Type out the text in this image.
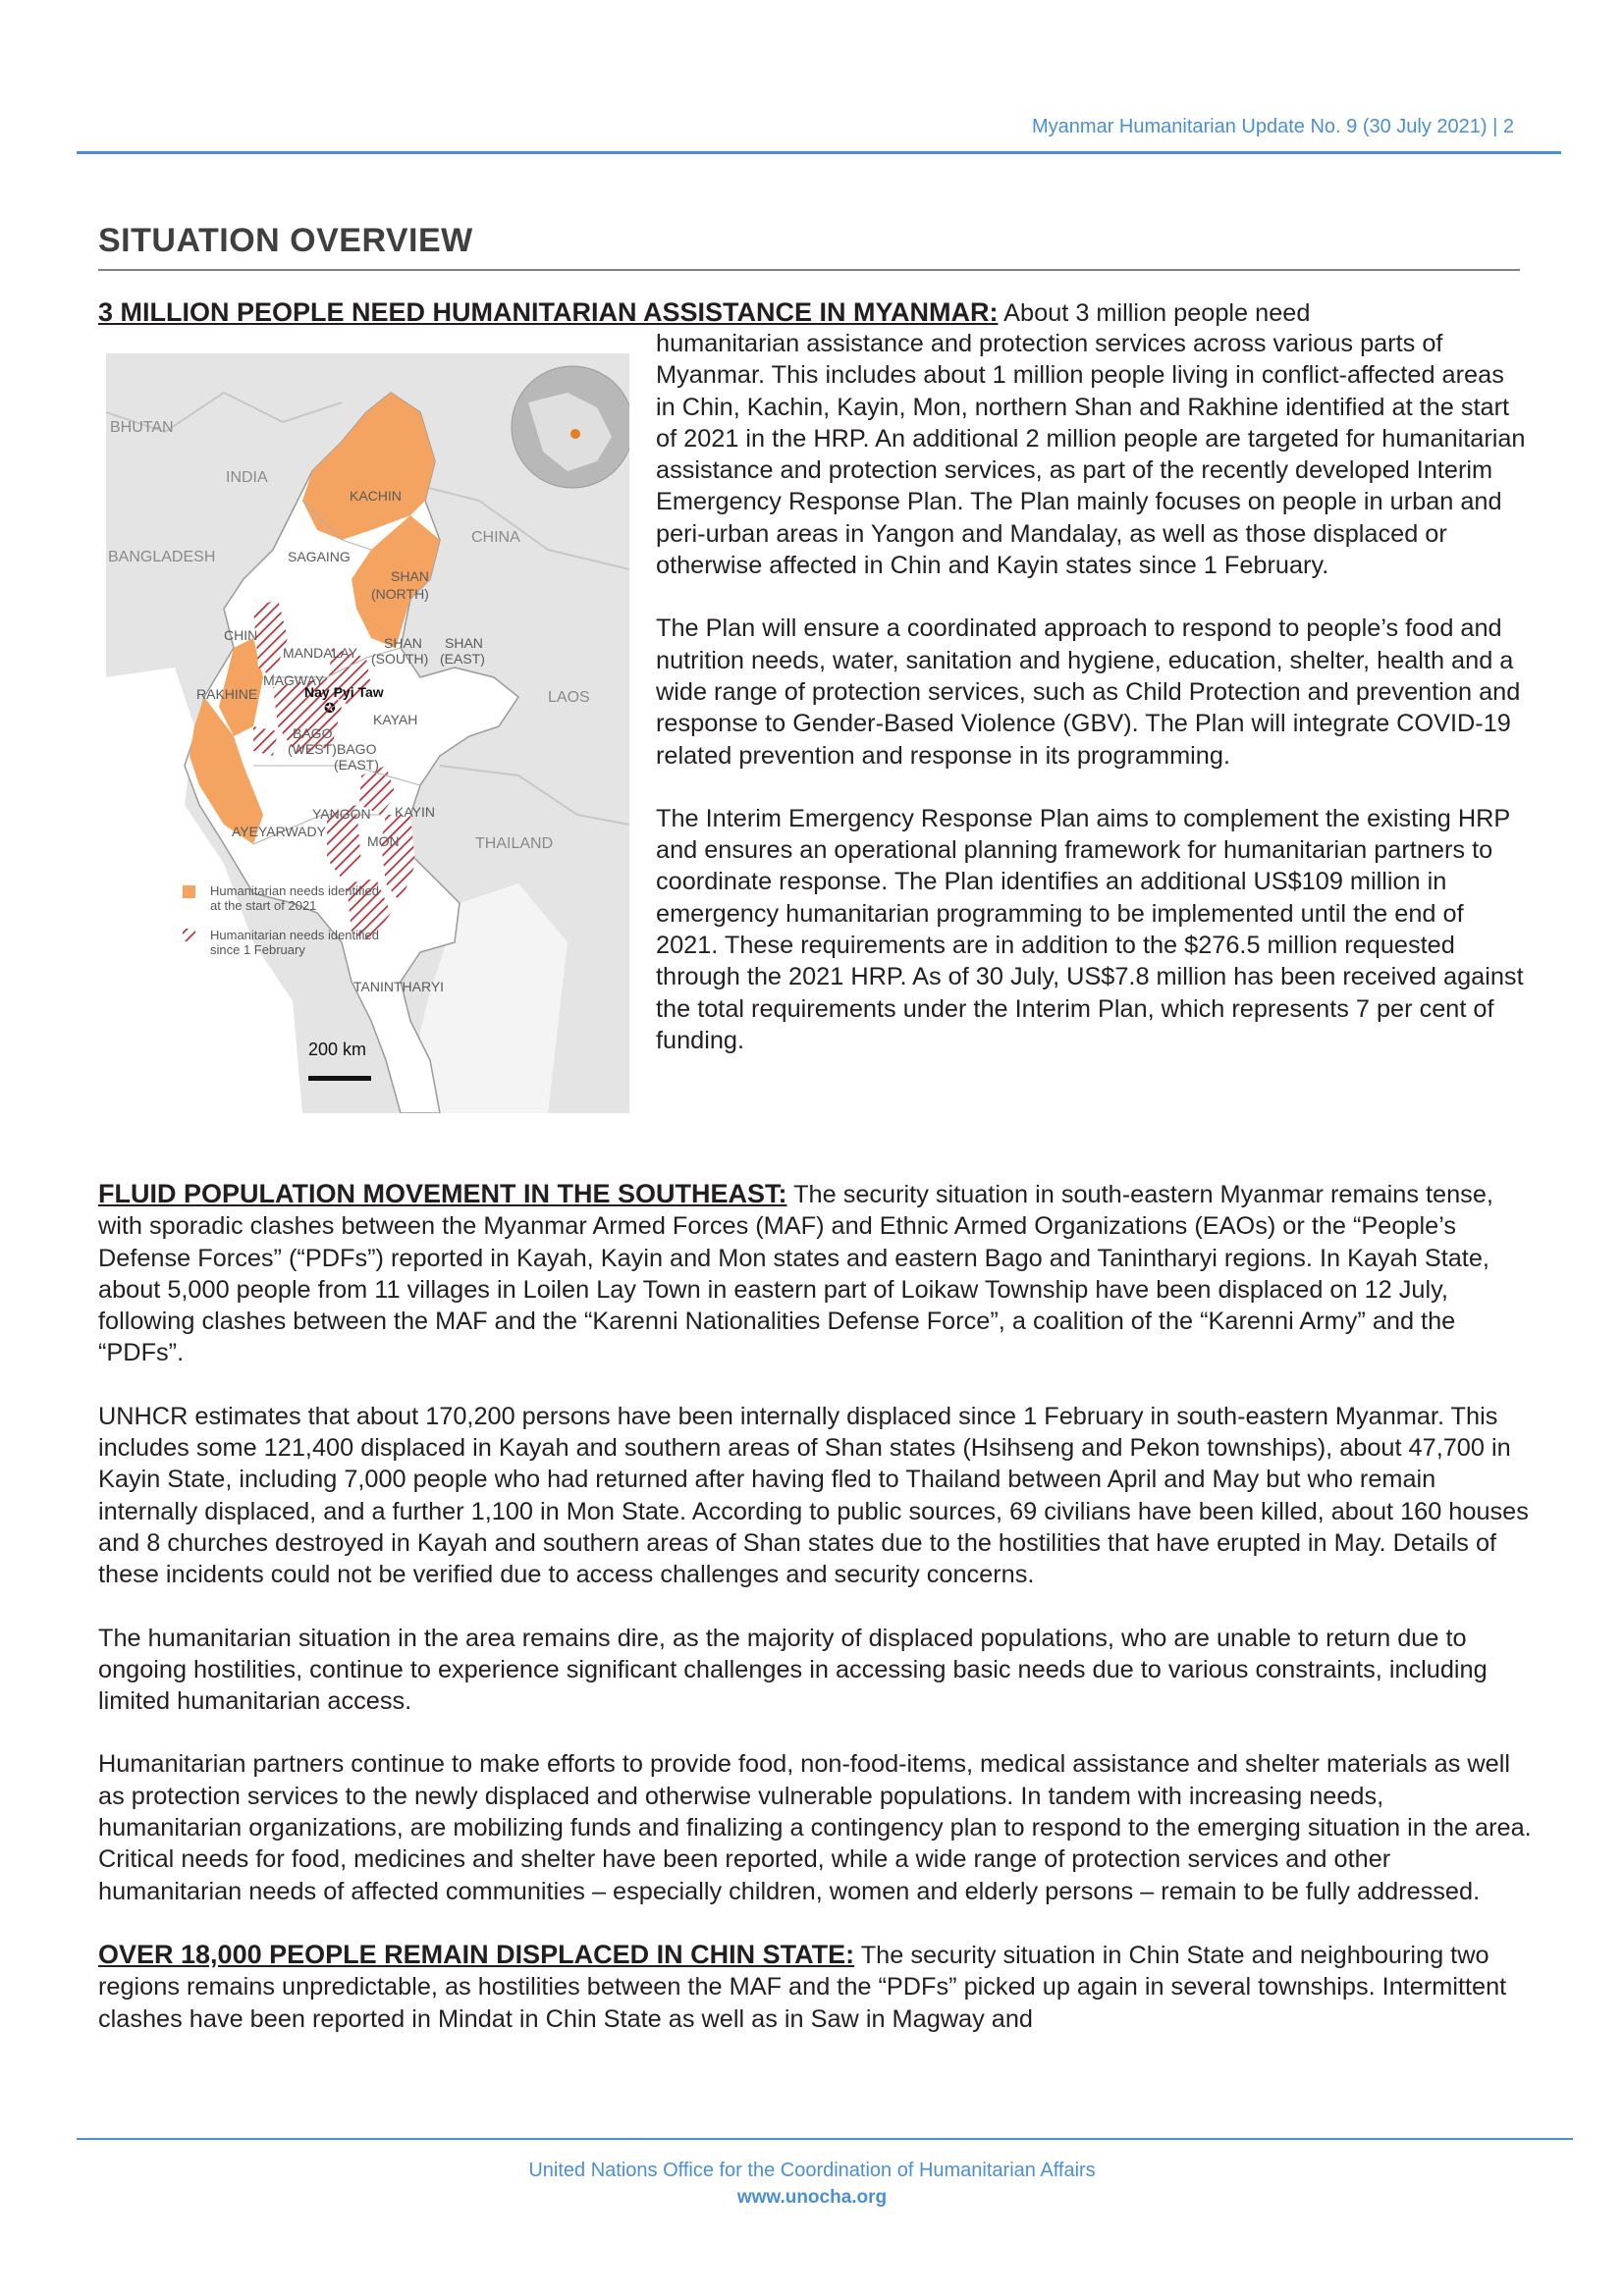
Myanmar Humanitarian Update No. 9 (30 July 2021) | 2
SITUATION OVERVIEW
3 MILLION PEOPLE NEED HUMANITARIAN ASSISTANCE IN MYANMAR: About 3 million people need

humanitarian assistance and protection services across various parts of Myanmar. This includes about 1 million people living in conflict-affected areas in Chin, Kachin, Kayin, Mon, northern Shan and Rakhine identified at the start of 2021 in the HRP. An additional 2 million people are targeted for humanitarian assistance and protection services, as part of the recently developed Interim Emergency Response Plan. The Plan mainly focuses on people in urban and peri-urban areas in Yangon and Mandalay, as well as those displaced or otherwise affected in Chin and Kayin states since 1 February.

The Plan will ensure a coordinated approach to respond to people’s food and nutrition needs, water, sanitation and hygiene, education, shelter, health and a wide range of protection services, such as Child Protection and prevention and response to Gender-Based Violence (GBV). The Plan will integrate COVID-19 related prevention and response in its programming.

The Interim Emergency Response Plan aims to complement the existing HRP and ensures an operational planning framework for humanitarian partners to coordinate response. The Plan identifies an additional US$109 million in emergency humanitarian programming to be implemented until the end of 2021. These requirements are in addition to the $276.5 million requested through the 2021 HRP. As of 30 July, US$7.8 million has been received against the total requirements under the Interim Plan, which represents 7 per cent of funding.

BHUTAN
INDIA
BANGLADESH
CHINA
LAOS
THAILAND
KACHIN
SAGAING
SHAN
(NORTH)
CHIN
MANDALAY
SHAN
(SOUTH)
SHAN
(EAST)
MAGWAY
RAKHINE	Nay Pyi Taw
✪
KAYAH
BAGO
(WEST) BAGO
(EAST)
YANGON KAYIN
AYEYARWADY
MON
TANINTHARYI
Humanitarian needs identified
at the start of 2021
Humanitarian needs identified
since 1 February
200 km

FLUID POPULATION MOVEMENT IN THE SOUTHEAST: The security situation in south-eastern Myanmar remains tense, with sporadic clashes between the Myanmar Armed Forces (MAF) and Ethnic Armed Organizations (EAOs) or the “People’s Defense Forces” (“PDFs”) reported in Kayah, Kayin and Mon states and eastern Bago and Tanintharyi regions. In Kayah State, about 5,000 people from 11 villages in Loilen Lay Town in eastern part of Loikaw Township have been displaced on 12 July, following clashes between the MAF and the “Karenni Nationalities Defense Force”, a coalition of the “Karenni Army” and the “PDFs”.

UNHCR estimates that about 170,200 persons have been internally displaced since 1 February in south-eastern Myanmar. This includes some 121,400 displaced in Kayah and southern areas of Shan states (Hsihseng and Pekon townships), about 47,700 in Kayin State, including 7,000 people who had returned after having fled to Thailand between April and May but who remain internally displaced, and a further 1,100 in Mon State. According to public sources, 69 civilians have been killed, about 160 houses and 8 churches destroyed in Kayah and southern areas of Shan states due to the hostilities that have erupted in May. Details of these incidents could not be verified due to access challenges and security concerns.

The humanitarian situation in the area remains dire, as the majority of displaced populations, who are unable to return due to ongoing hostilities, continue to experience significant challenges in accessing basic needs due to various constraints, including limited humanitarian access.

Humanitarian partners continue to make efforts to provide food, non-food-items, medical assistance and shelter materials as well as protection services to the newly displaced and otherwise vulnerable populations. In tandem with increasing needs, humanitarian organizations, are mobilizing funds and finalizing a contingency plan to respond to the emerging situation in the area. Critical needs for food, medicines and shelter have been reported, while a wide range of protection services and other humanitarian needs of affected communities – especially children, women and elderly persons – remain to be fully addressed.

OVER 18,000 PEOPLE REMAIN DISPLACED IN CHIN STATE: The security situation in Chin State and neighbouring two regions remains unpredictable, as hostilities between the MAF and the “PDFs” picked up again in several townships. Intermittent clashes have been reported in Mindat in Chin State as well as in Saw in Magway and

United Nations Office for the Coordination of Humanitarian Affairs
www.unocha.org
